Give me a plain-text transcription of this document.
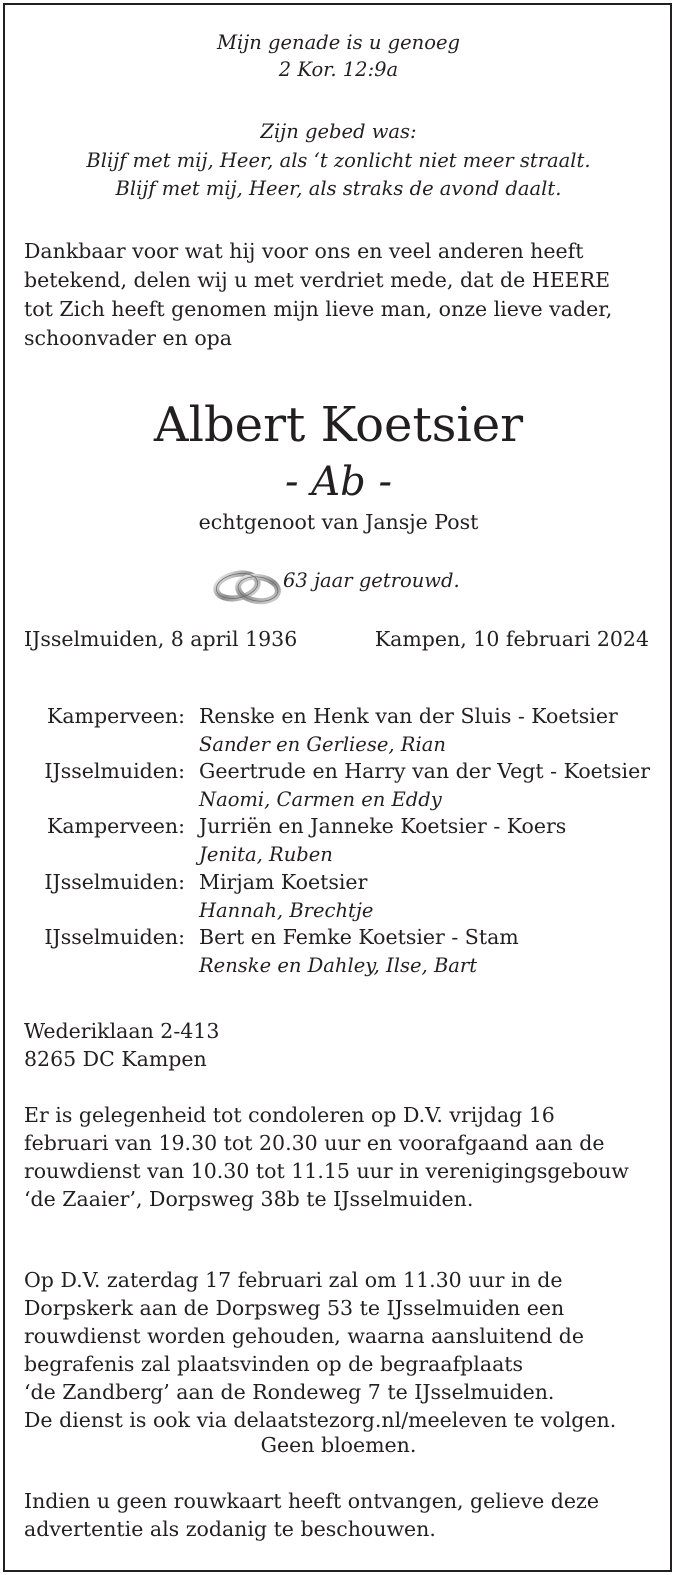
Mijn genade is u genoeg
2 Kor. 12:9a
Zijn gebed was:
Blijf met mij, Heer, als ‘t zonlicht niet meer straalt.
Blijf met mij, Heer, als straks de avond daalt.
Dankbaar voor wat hij voor ons en veel anderen heeft
betekend, delen wij u met verdriet mede, dat de HEERE
tot Zich heeft genomen mijn lieve man, onze lieve vader,
schoonvader en opa
Albert Koetsier
- Ab -
echtgenoot van Jansje Post
63 jaar getrouwd.
IJsselmuiden, 8 april 1936	Kampen, 10 februari 2024
Kamperveen: Renske en Henk van der Sluis - Koetsier
Sander en Gerliese, Rian
IJsselmuiden: Geertrude en Harry van der Vegt - Koetsier
Naomi, Carmen en Eddy
Kamperveen: Jurriën en Janneke Koetsier - Koers
Jenita, Ruben
IJsselmuiden: Mirjam Koetsier
Hannah, Brechtje
IJsselmuiden: Bert en Femke Koetsier - Stam
Renske en Dahley, Ilse, Bart
Wederiklaan 2-413
8265 DC Kampen
Er is gelegenheid tot condoleren op D.V. vrijdag 16
februari van 19.30 tot 20.30 uur en voorafgaand aan de
rouwdienst van 10.30 tot 11.15 uur in verenigingsgebouw
‘de Zaaier’, Dorpsweg 38b te IJsselmuiden.
Op D.V. zaterdag 17 februari zal om 11.30 uur in de
Dorpskerk aan de Dorpsweg 53 te IJsselmuiden een
rouwdienst worden gehouden, waarna aansluitend de
begrafenis zal plaatsvinden op de begraafplaats
‘de Zandberg’ aan de Rondeweg 7 te IJsselmuiden.
De dienst is ook via delaatstezorg.nl/meeleven te volgen.
Geen bloemen.
Indien u geen rouwkaart heeft ontvangen, gelieve deze
advertentie als zodanig te beschouwen.
